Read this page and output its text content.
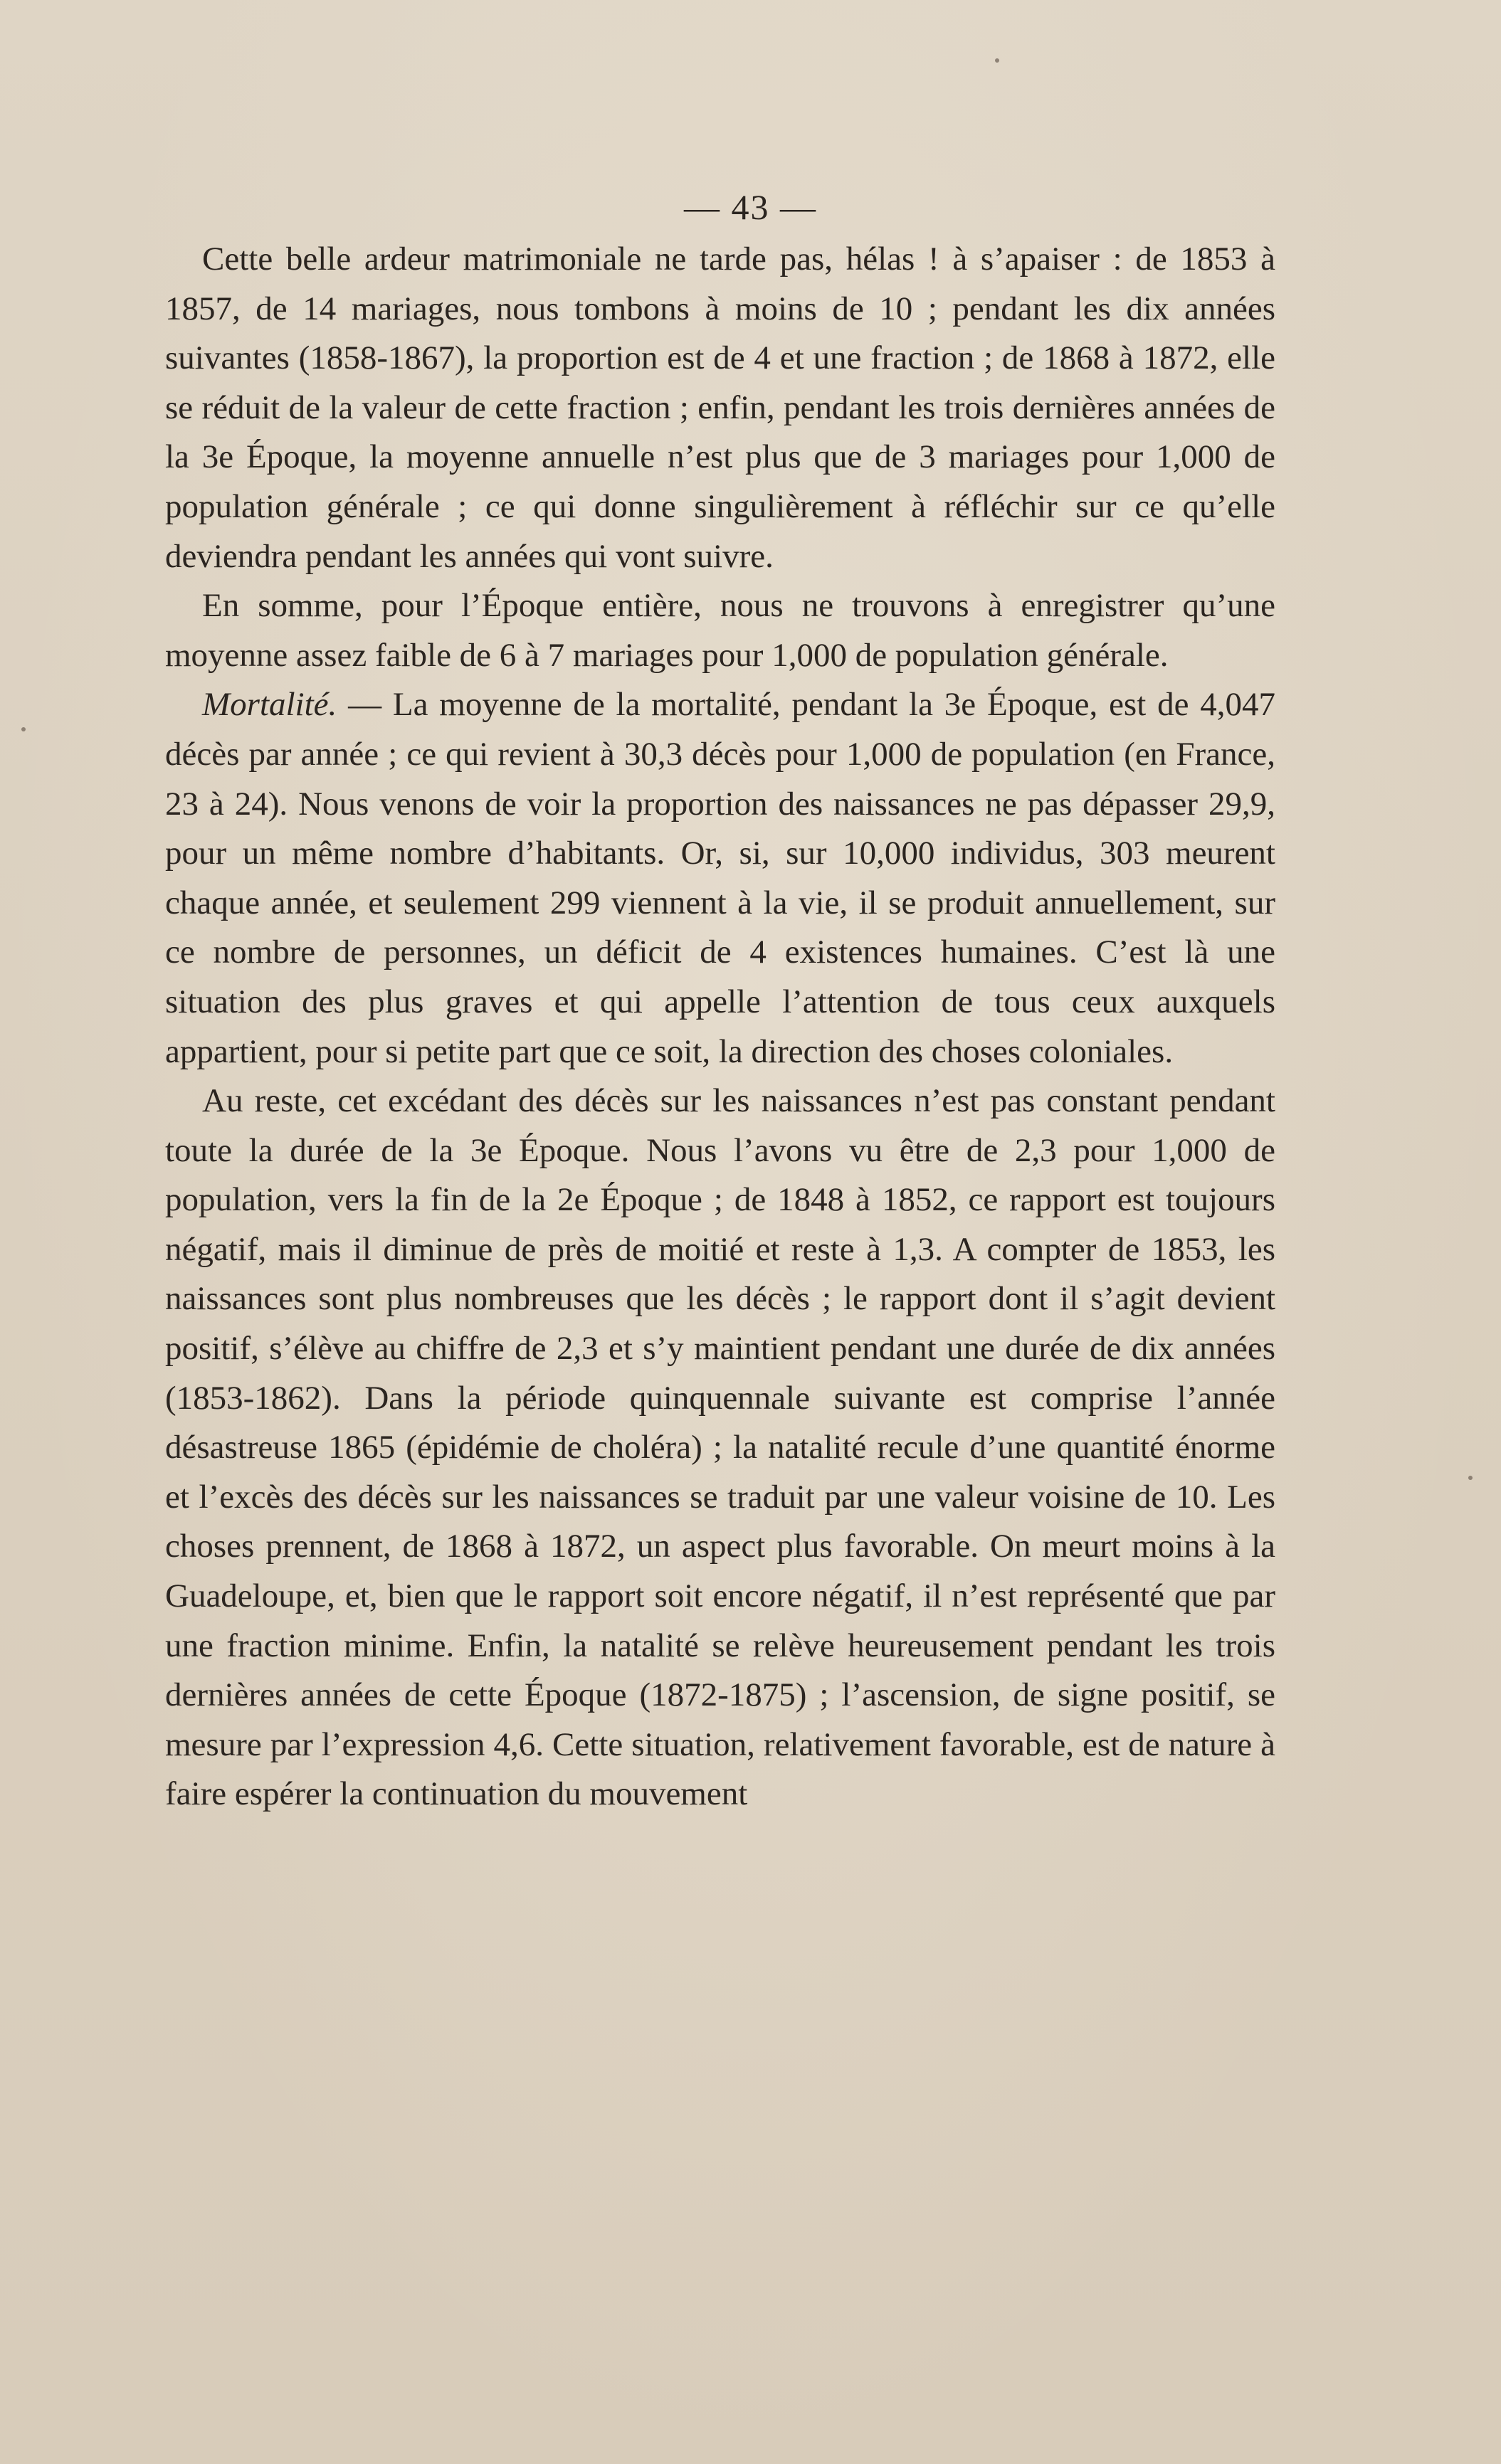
— 43 —

Cette belle ardeur matrimoniale ne tarde pas, hélas ! à s’apaiser : de 1853 à 1857, de 14 mariages, nous tombons à moins de 10 ; pendant les dix années suivantes (1858-1867), la proportion est de 4 et une fraction ; de 1868 à 1872, elle se réduit de la valeur de cette fraction ; enfin, pendant les trois dernières années de la 3e Époque, la moyenne annuelle n’est plus que de 3 mariages pour 1,000 de population générale ; ce qui donne singulièrement à réfléchir sur ce qu’elle deviendra pendant les années qui vont suivre.

En somme, pour l’Époque entière, nous ne trouvons à enregistrer qu’une moyenne assez faible de 6 à 7 mariages pour 1,000 de population générale.

Mortalité. — La moyenne de la mortalité, pendant la 3e Époque, est de 4,047 décès par année ; ce qui revient à 30,3 décès pour 1,000 de population (en France, 23 à 24). Nous venons de voir la proportion des naissances ne pas dépasser 29,9, pour un même nombre d’habitants. Or, si, sur 10,000 individus, 303 meurent chaque année, et seulement 299 viennent à la vie, il se produit annuellement, sur ce nombre de personnes, un déficit de 4 existences humaines. C’est là une situation des plus graves et qui appelle l’attention de tous ceux auxquels appartient, pour si petite part que ce soit, la direction des choses coloniales.

Au reste, cet excédant des décès sur les naissances n’est pas constant pendant toute la durée de la 3e Époque. Nous l’avons vu être de 2,3 pour 1,000 de population, vers la fin de la 2e Époque ; de 1848 à 1852, ce rapport est toujours négatif, mais il diminue de près de moitié et reste à 1,3. A compter de 1853, les naissances sont plus nombreuses que les décès ; le rapport dont il s’agit devient positif, s’élève au chiffre de 2,3 et s’y maintient pendant une durée de dix années (1853-1862). Dans la période quinquennale suivante est comprise l’année désastreuse 1865 (épidémie de choléra) ; la natalité recule d’une quantité énorme et l’excès des décès sur les naissances se traduit par une valeur voisine de 10. Les choses prennent, de 1868 à 1872, un aspect plus favorable. On meurt moins à la Guadeloupe, et, bien que le rapport soit encore négatif, il n’est représenté que par une fraction minime. Enfin, la natalité se relève heureusement pendant les trois dernières années de cette Époque (1872-1875) ; l’ascension, de signe positif, se mesure par l’expression 4,6. Cette situation, relativement favorable, est de nature à faire espérer la continuation du mouvement
